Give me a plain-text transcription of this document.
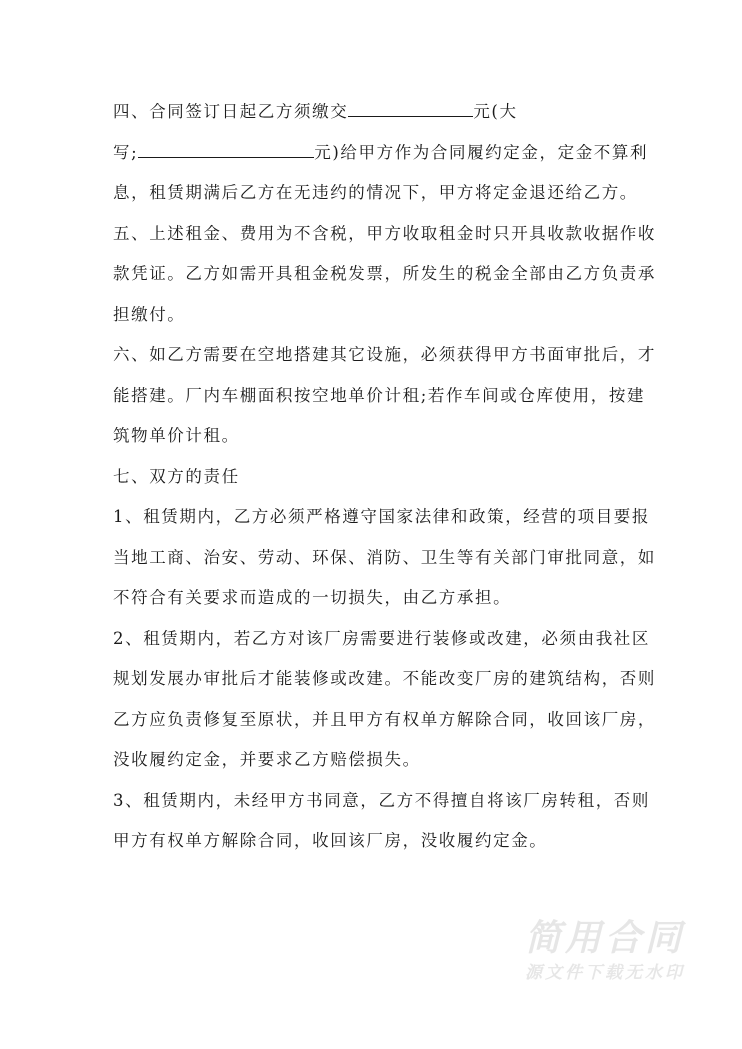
四、合同签订日起乙方须缴交	元(大
写;	元)给甲方作为合同履约定金，定金不算利
息，租赁期满后乙方在无违约的情况下，甲方将定金退还给乙方。
五、上述租金、费用为不含税，甲方收取租金时只开具收款收据作收
款凭证。乙方如需开具租金税发票，所发生的税金全部由乙方负责承
担缴付。
六、如乙方需要在空地搭建其它设施，必须获得甲方书面审批后，才
能搭建。厂内车棚面积按空地单价计租;若作车间或仓库使用，按建
筑物单价计租。
七、双方的责任
1、租赁期内，乙方必须严格遵守国家法律和政策，经营的项目要报
当地工商、治安、劳动、环保、消防、卫生等有关部门审批同意，如
不符合有关要求而造成的一切损失，由乙方承担。
2、租赁期内，若乙方对该厂房需要进行装修或改建，必须由我社区
规划发展办审批后才能装修或改建。不能改变厂房的建筑结构，否则
乙方应负责修复至原状，并且甲方有权单方解除合同，收回该厂房，
没收履约定金，并要求乙方赔偿损失。
3、租赁期内，未经甲方书同意，乙方不得擅自将该厂房转租，否则
甲方有权单方解除合同，收回该厂房，没收履约定金。
简用合同
源文件下载无水印
